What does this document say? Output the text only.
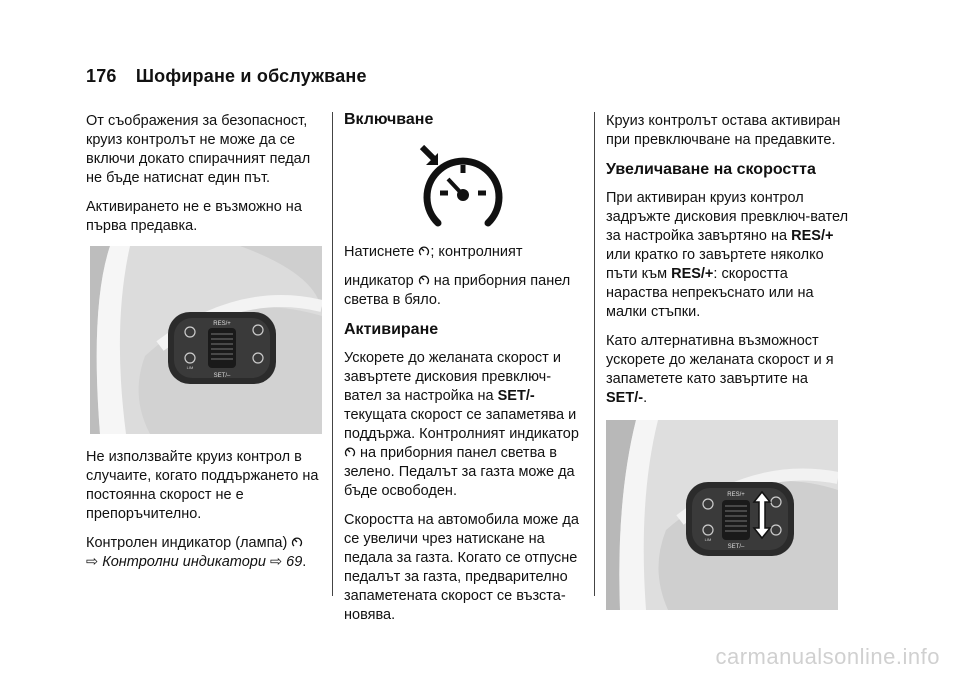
176 Шофиране и обслужване

От съображения за безопасност, круиз контролът не може да се включи докато спирачният педал не бъде натиснат един път.

Активирането не е възможно на първа предавка.

RES/+
SET/–
LIM

Не използвайте круиз контрол в случаите, когато поддържането на постоянна скорост не е препоръчително.

Контролен индикатор (лампа)
⇨ Контролни индикатори ⇨ 69.

Включване

Натиснете ; контролният

индикатор на приборния панел светва в бяло.

Активиране

Ускорете до желаната скорост и завъртете дисковия превключ-вател за настройка на SET/- текущата скорост се запаметява и поддържа. Контролният индикатор
на приборния панел светва в зелено. Педалът за газта може да бъде освободен.

Скоростта на автомобила може да се увеличи чрез натискане на педала за газта. Когато се отпусне педалът за газта, предварително запаметената скорост се възста-новява.

Круиз контролът остава активиран при превключване на предавките.

Увеличаване на скоростта

При активиран круиз контрол задръжте дисковия превключ-вател за настройка завъртяно на RES/+ или кратко го завъртете няколко пъти към RES/+: скоростта нараства непрекъснато или на малки стъпки.

Като алтернативна възможност ускорете до желаната скорост и я запаметете като завъртите на SET/-.

RES/+
SET/–
LIM
carmanualsonline.info
